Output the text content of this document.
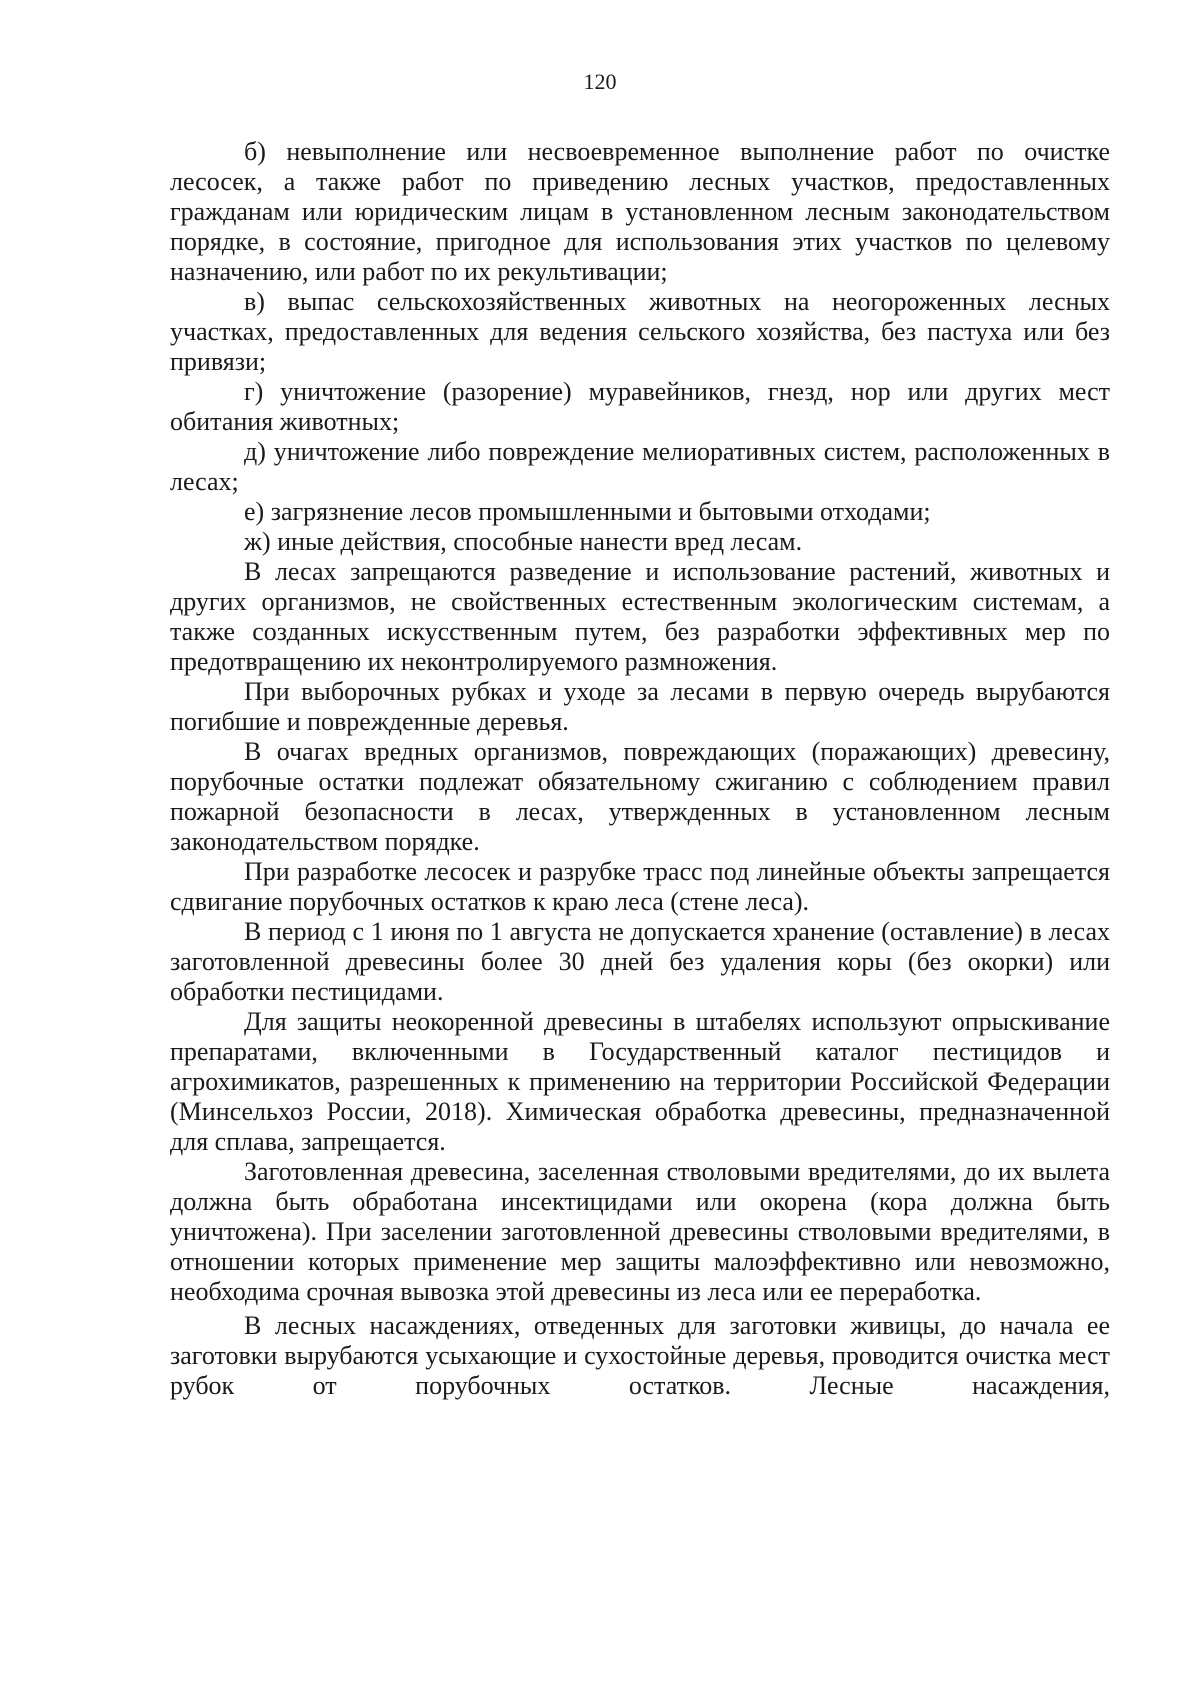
120

б) невыполнение или несвоевременное выполнение работ по очистке лесосек, а также работ по приведению лесных участков, предоставленных гражданам или юридическим лицам в установленном лесным законодательством порядке, в состояние, пригодное для использования этих участков по целевому назначению, или работ по их рекультивации;

в) выпас сельскохозяйственных животных на неогороженных лесных участках, предоставленных для ведения сельского хозяйства, без пастуха или без привязи;

г) уничтожение (разорение) муравейников, гнезд, нор или других мест обитания животных;

д) уничтожение либо повреждение мелиоративных систем, расположенных в лесах;

е) загрязнение лесов промышленными и бытовыми отходами;

ж) иные действия, способные нанести вред лесам.

В лесах запрещаются разведение и использование растений, животных и других организмов, не свойственных естественным экологическим системам, а также созданных искусственным путем, без разработки эффективных мер по предотвращению их неконтролируемого размножения.

При выборочных рубках и уходе за лесами в первую очередь вырубаются погибшие и поврежденные деревья.

В очагах вредных организмов, повреждающих (поражающих) древесину, порубочные остатки подлежат обязательному сжиганию с соблюдением правил пожарной безопасности в лесах, утвержденных в установленном лесным законодательством порядке.

При разработке лесосек и разрубке трасс под линейные объекты запрещается сдвигание порубочных остатков к краю леса (стене леса).

В период с 1 июня по 1 августа не допускается хранение (оставление) в лесах заготовленной древесины более 30 дней без удаления коры (без окорки) или обработки пестицидами.

Для защиты неокоренной древесины в штабелях используют опрыскивание препаратами, включенными в Государственный каталог пестицидов и агрохимикатов, разрешенных к применению на территории Российской Федерации (Минсельхоз России, 2018). Химическая обработка древесины, предназначенной для сплава, запрещается.

Заготовленная древесина, заселенная стволовыми вредителями, до их вылета должна быть обработана инсектицидами или окорена (кора должна быть уничтожена). При заселении заготовленной древесины стволовыми вредителями, в отношении которых применение мер защиты малоэффективно или невозможно, необходима срочная вывозка этой древесины из леса или ее переработка.

В лесных насаждениях, отведенных для заготовки живицы, до начала ее заготовки вырубаются усыхающие и сухостойные деревья, проводится очистка мест рубок от порубочных остатков. Лесные насаждения,
